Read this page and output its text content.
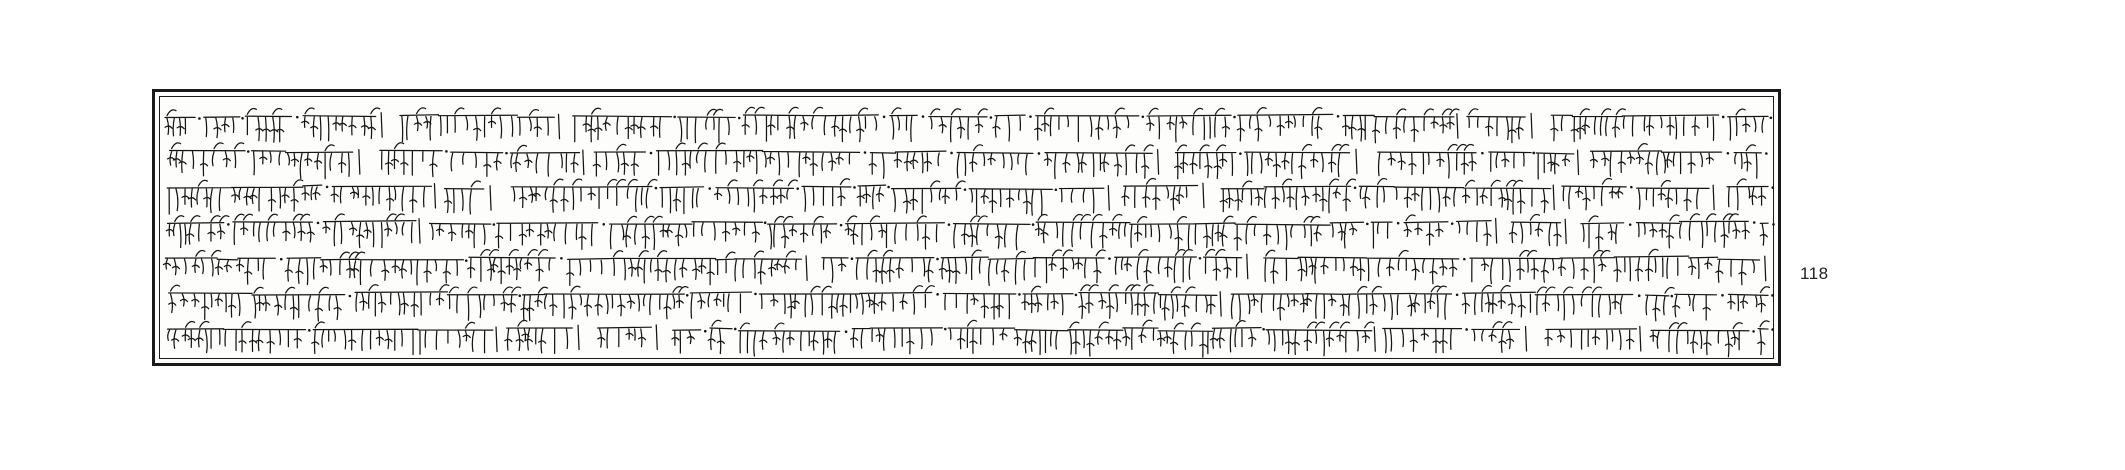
118
